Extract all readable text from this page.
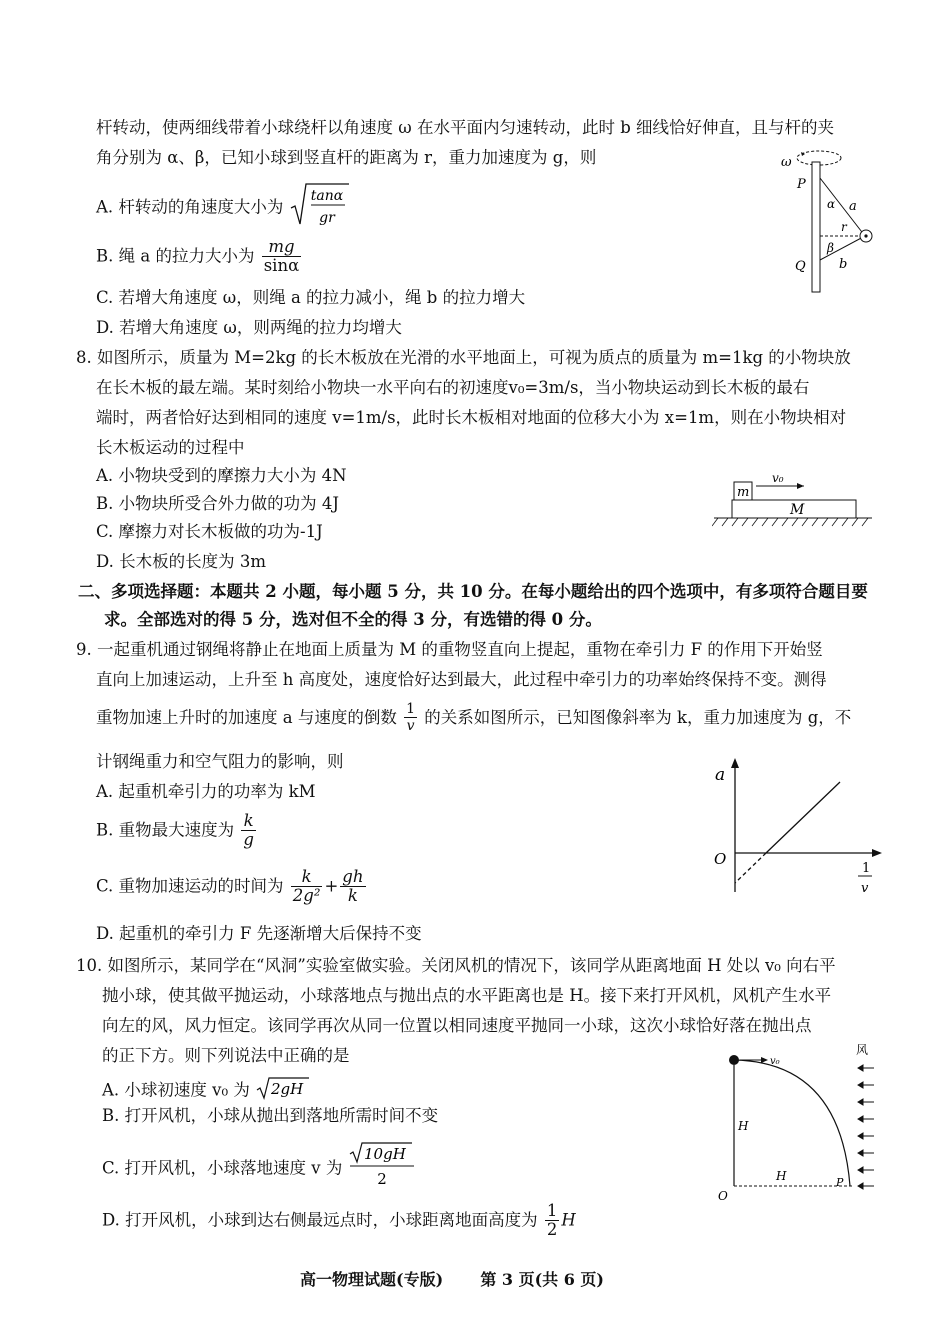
杆转动，使两细线带着小球绕杆以角速度 ω 在水平面内匀速转动，此时 b 细线恰好伸直，且与杆的夹
角分别为 α、β，已知小球到竖直杆的距离为 r，重力加速度为 g，则
A. 杆转动的角速度大小为
tanα
gr
B. 绳 a 的拉力大小为 $\frac{mg}{\sin\alpha}$
C. 若增大角速度 ω，则绳 a 的拉力减小，绳 b 的拉力增大
D. 若增大角速度 ω，则两绳的拉力均增大
ω
P
Q
α a
r
β
b
8. 如图所示，质量为 M=2kg 的长木板放在光滑的水平地面上，可视为质点的质量为 m=1kg 的小物块放
在长木板的最左端。某时刻给小物块一水平向右的初速度v₀=3m/s，当小物块运动到长木板的最右
端时，两者恰好达到相同的速度 v=1m/s，此时长木板相对地面的位移大小为 x=1m，则在小物块相对
长木板运动的过程中
A. 小物块受到的摩擦力大小为 4N
B. 小物块所受合外力做的功为 4J
C. 摩擦力对长木板做的功为-1J
D. 长木板的长度为 3m
m
v₀
M
二、多项选择题：本题共 2 小题，每小题 5 分，共 10 分。在每小题给出的四个选项中，有多项符合题目要
求。全部选对的得 5 分，选对但不全的得 3 分，有选错的得 0 分。
9. 一起重机通过钢绳将静止在地面上质量为 M 的重物竖直向上提起，重物在牵引力 F 的作用下开始竖
直向上加速运动，上升至 h 高度处，速度恰好达到最大，此过程中牵引力的功率始终保持不变。测得
重物加速上升时的加速度 a 与速度的倒数 $\frac{1}{v}$ 的关系如图所示，已知图像斜率为 k，重力加速度为 g，不
计钢绳重力和空气阻力的影响，则
A. 起重机牵引力的功率为 kM
B. 重物最大速度为 $\frac{k}{g}$
C. 重物加速运动的时间为 $\frac{k}{\text{2g²}} + \frac{gh}{k}$
D. 起重机的牵引力 F 先逐渐增大后保持不变
a
O
1
v
10. 如图所示，某同学在“风洞”实验室做实验。关闭风机的情况下，该同学从距离地面 H 处以 v₀ 向右平
抛小球，使其做平抛运动，小球落地点与抛出点的水平距离也是 H。接下来打开风机，风机产生水平
向左的风，风力恒定。该同学再次从同一位置以相同速度平抛同一小球，这次小球恰好落在抛出点
的正下方。则下列说法中正确的是
A. 小球初速度 v₀ 为 2gH
B. 打开风机，小球从抛出到落地所需时间不变
C. 打开风机，小球落地速度 v 为
10gH
2
D. 打开风机，小球到达右侧最远点时，小球距离地面高度为 $\frac{1}{2}$ H
v₀
H
H
O
P
风
高一物理试题(专版) 第 3 页(共 6 页)
